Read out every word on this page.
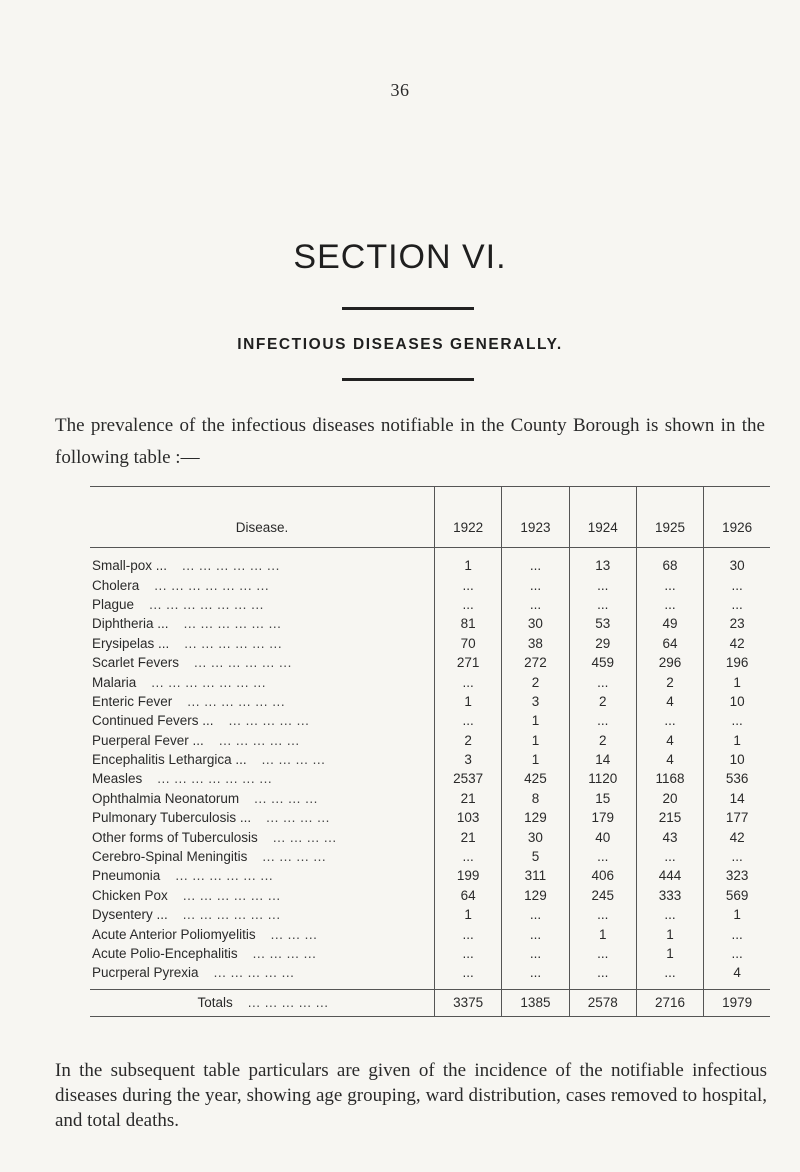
36
SECTION VI.
INFECTIOUS DISEASES GENERALLY.
The prevalence of the infectious diseases notifiable in the County Borough is shown in the following table :—
Disease.	1922	1923	1924	1925	1926
Small-pox ... ... ... ... ... ... ...	1	...	13	68	30
Cholera ... ... ... ... ... ... ...	...	...	...	...	...
Plague ... ... ... ... ... ... ...	...	...	...	...	...
Diphtheria ... ... ... ... ... ... ...	81	30	53	49	23
Erysipelas ... ... ... ... ... ... ...	70	38	29	64	42
Scarlet Fevers ... ... ... ... ... ...	271	272	459	296	196
Malaria ... ... ... ... ... ... ...	...	2	...	2	1
Enteric Fever ... ... ... ... ... ...	1	3	2	4	10
Continued Fevers ... ... ... ... ... ...	...	1	...	...	...
Puerperal Fever ... ... ... ... ... ...	2	1	2	4	1
Encephalitis Lethargica ... ... ... ... ...	3	1	14	4	10
Measles ... ... ... ... ... ... ...	2537	425	1120	1168	536
Ophthalmia Neonatorum ... ... ... ...	21	8	15	20	14
Pulmonary Tuberculosis ... ... ... ... ...	103	129	179	215	177
Other forms of Tuberculosis ... ... ... ...	21	30	40	43	42
Cerebro-Spinal Meningitis ... ... ... ...	...	5	...	...	...
Pneumonia ... ... ... ... ... ...	199	311	406	444	323
Chicken Pox ... ... ... ... ... ...	64	129	245	333	569
Dysentery ... ... ... ... ... ... ...	1	...	...	...	1
Acute Anterior Poliomyelitis ... ... ...	...	...	1	1	...
Acute Polio-Encephalitis ... ... ... ...	...	...	...	1	...
Pucrperal Pyrexia ... ... ... ... ...	...	...	...	...	4
Totals ... ... ... ... ...	3375	1385	2578	2716	1979
In the subsequent table particulars are given of the incidence of the notifiable infectious diseases during the year, showing age grouping, ward distribution, cases removed to hospital, and total deaths.
